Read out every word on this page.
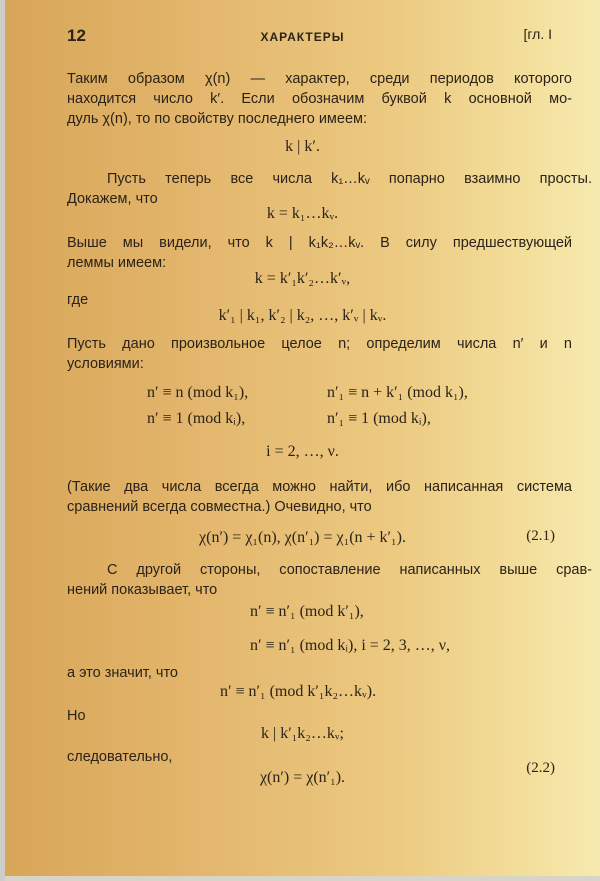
12	ХАРАКТЕРЫ	[гл. I
Таким образом χ(n) — характер, среди периодов которого
находится число k′. Если обозначим буквой k основной мо-
дуль χ(n), то по свойству последнего имеем:
k | k′.
Пусть теперь все числа k₁…kᵥ попарно взаимно просты.
Докажем, что
k = k₁…kᵥ.
Выше мы видели, что k | k₁k₂…kᵥ. В силу предшествующей
леммы имеем:
k = k′₁k′₂…k′ᵥ,
где
k′₁ | k₁, k′₂ | k₂, …, k′ᵥ | kᵥ.
Пусть дано произвольное целое n; определим числа n′ и n
условиями:
n′ ≡ n (mod k₁),	n′₁ ≡ n + k′₁ (mod k₁),
n′ ≡ 1 (mod kᵢ),	n′₁ ≡ 1 (mod kᵢ),
i = 2, …, ν.
(Такие два числа всегда можно найти, ибо написанная система
сравнений всегда совместна.) Очевидно, что
χ(n′) = χ₁(n), χ(n′₁) = χ₁(n + k′₁).	(2.1)
С другой стороны, сопоставление написанных выше срав-
нений показывает, что
n′ ≡ n′₁ (mod k′₁),
n′ ≡ n′₁ (mod kᵢ), i = 2, 3, …, ν,
а это значит, что
n′ ≡ n′₁ (mod k′₁k₂…kᵥ).
Но
k | k′₁k₂…kᵥ;
следовательно,
χ(n′) = χ(n′₁).
(2.2)
